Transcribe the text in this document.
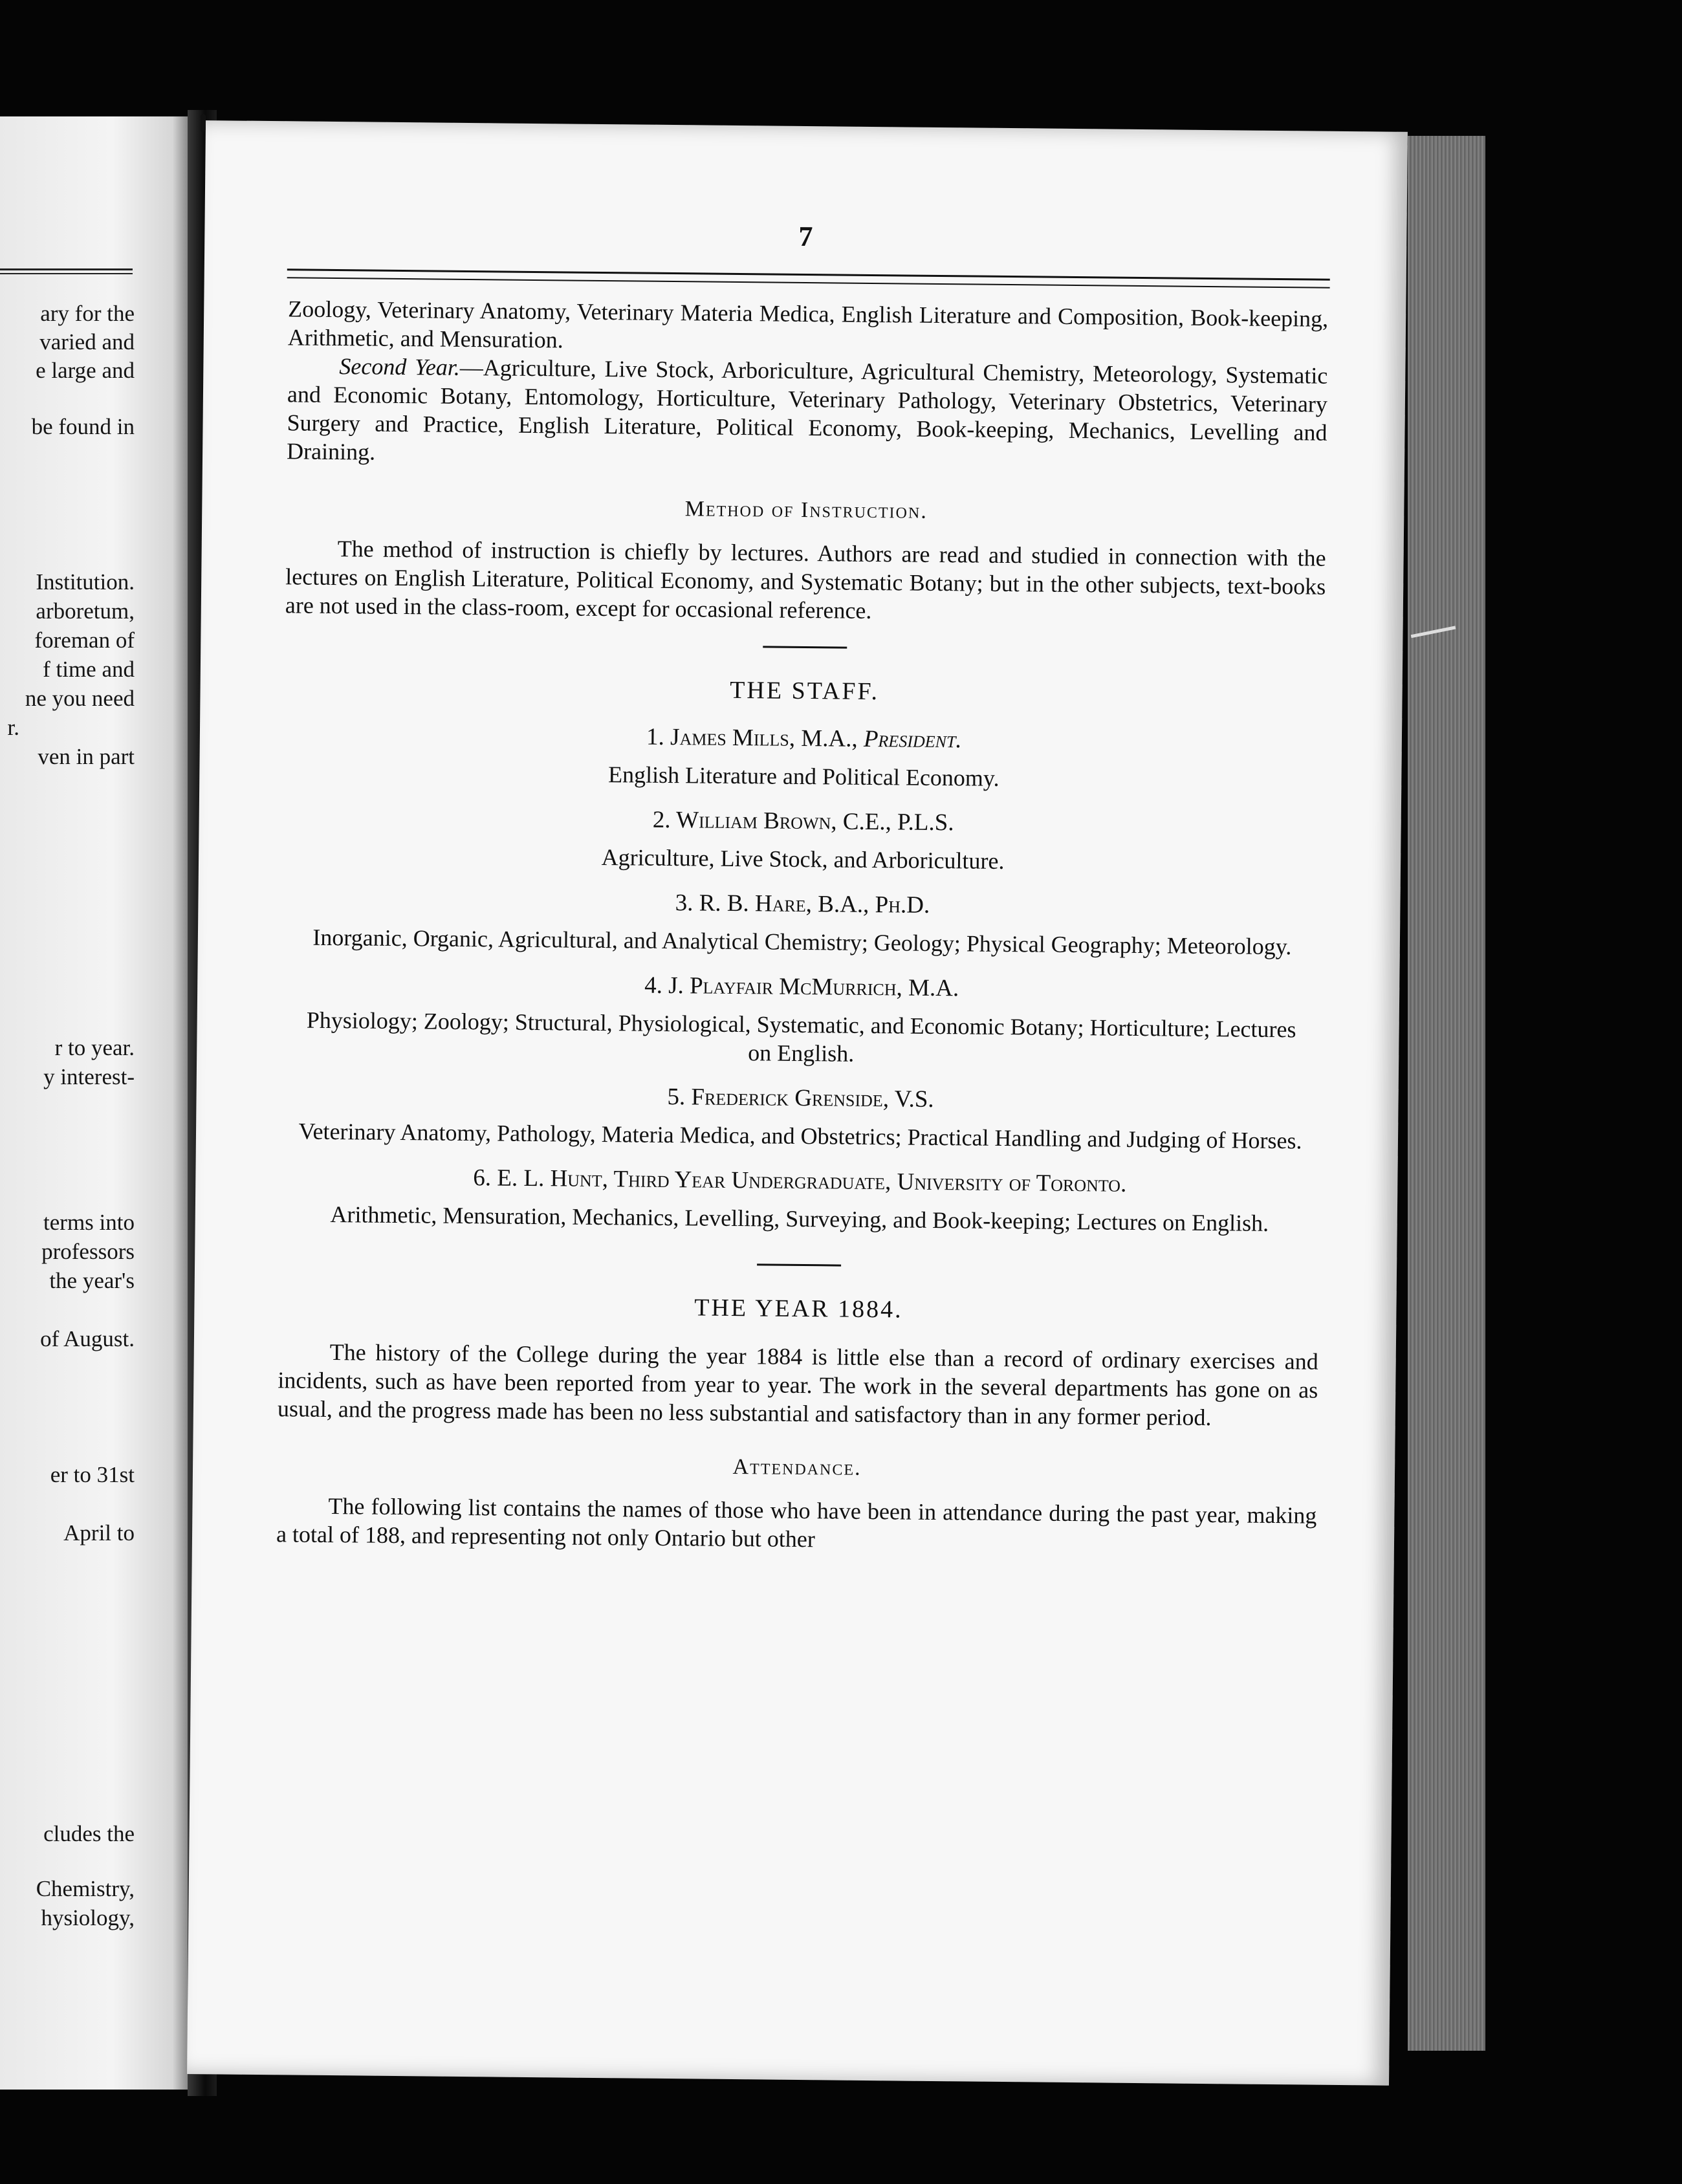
ary for the
varied and
e large and
be found in
Institution.
arboretum,
foreman of
f time and
ne you need
r.
ven in part
r to year.
y interest-
terms into
professors
the year's
of August.
er to 31st
April to
cludes the
Chemistry,
hysiology,
7

Zoology, Veterinary Anatomy, Veterinary Materia Medica, English Literature and Composition, Book-keeping, Arithmetic, and Mensuration.

Second Year.—Agriculture, Live Stock, Arboriculture, Agricultural Chemistry, Meteorology, Systematic and Economic Botany, Entomology, Horticulture, Veterinary Pathology, Veterinary Obstetrics, Veterinary Surgery and Practice, English Literature, Political Economy, Book-keeping, Mechanics, Levelling and Draining.

Method of Instruction.

The method of instruction is chiefly by lectures. Authors are read and studied in connection with the lectures on English Literature, Political Economy, and Systematic Botany; but in the other subjects, text-books are not used in the class-room, except for occasional reference.

THE STAFF.
1. James Mills, M.A., President.
English Literature and Political Economy.
2. William Brown, C.E., P.L.S.
Agriculture, Live Stock, and Arboriculture.
3. R. B. Hare, B.A., Ph.D.
Inorganic, Organic, Agricultural, and Analytical Chemistry; Geology; Physical Geography; Meteorology.
4. J. Playfair McMurrich, M.A.
Physiology; Zoology; Structural, Physiological, Systematic, and Economic Botany; Horticulture; Lectures on English.
5. Frederick Grenside, V.S.
Veterinary Anatomy, Pathology, Materia Medica, and Obstetrics; Practical Handling and Judging of Horses.
6. E. L. Hunt, Third Year Undergraduate, University of Toronto.
Arithmetic, Mensuration, Mechanics, Levelling, Surveying, and Book-keeping; Lectures on English.
THE YEAR 1884.

The history of the College during the year 1884 is little else than a record of ordinary exercises and incidents, such as have been reported from year to year. The work in the several departments has gone on as usual, and the progress made has been no less substantial and satisfactory than in any former period.

Attendance.

The following list contains the names of those who have been in attendance during the past year, making a total of 188, and representing not only Ontario but other
